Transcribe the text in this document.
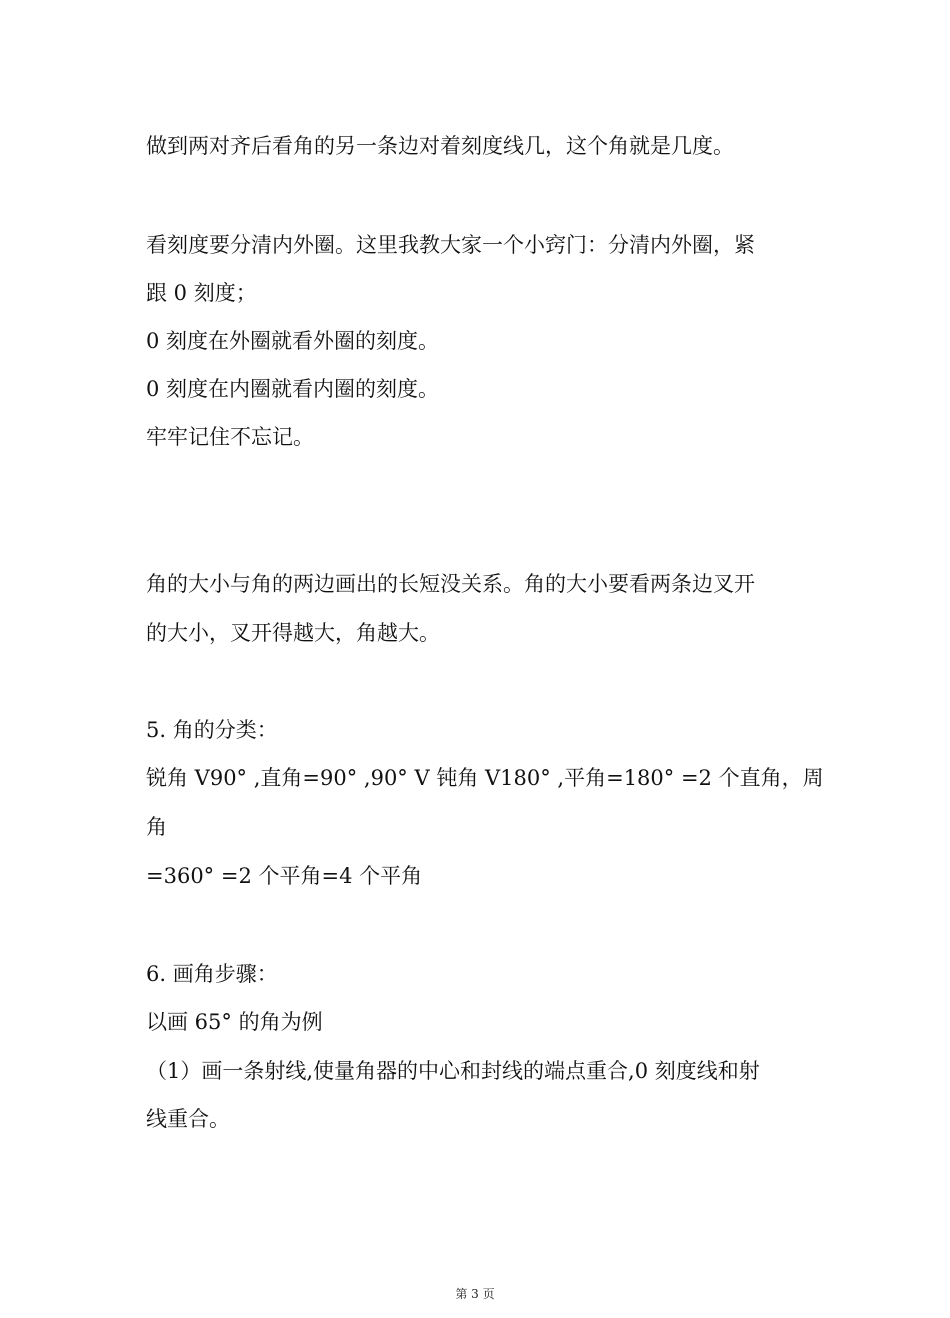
做到两对齐后看角的另一条边对着刻度线几，这个角就是几度。

看刻度要分清内外圈。这里我教大家一个小窍门：分清内外圈，紧

跟 0 刻度；

0 刻度在外圈就看外圈的刻度。

0 刻度在内圈就看内圈的刻度。

牢牢记住不忘记。

角的大小与角的两边画出的长短没关系。角的大小要看两条边叉开

的大小，叉开得越大，角越大。

5. 角的分类：

锐角 V90° ,直角=90° ,90° V 钝角 V180° ,平角=180° =2 个直角，周

角

=360° =2 个平角=4 个平角

6. 画角步骤：

以画 65° 的角为例

（1）画一条射线,使量角器的中心和封线的端点重合,0 刻度线和射

线重合。

第 3 页
